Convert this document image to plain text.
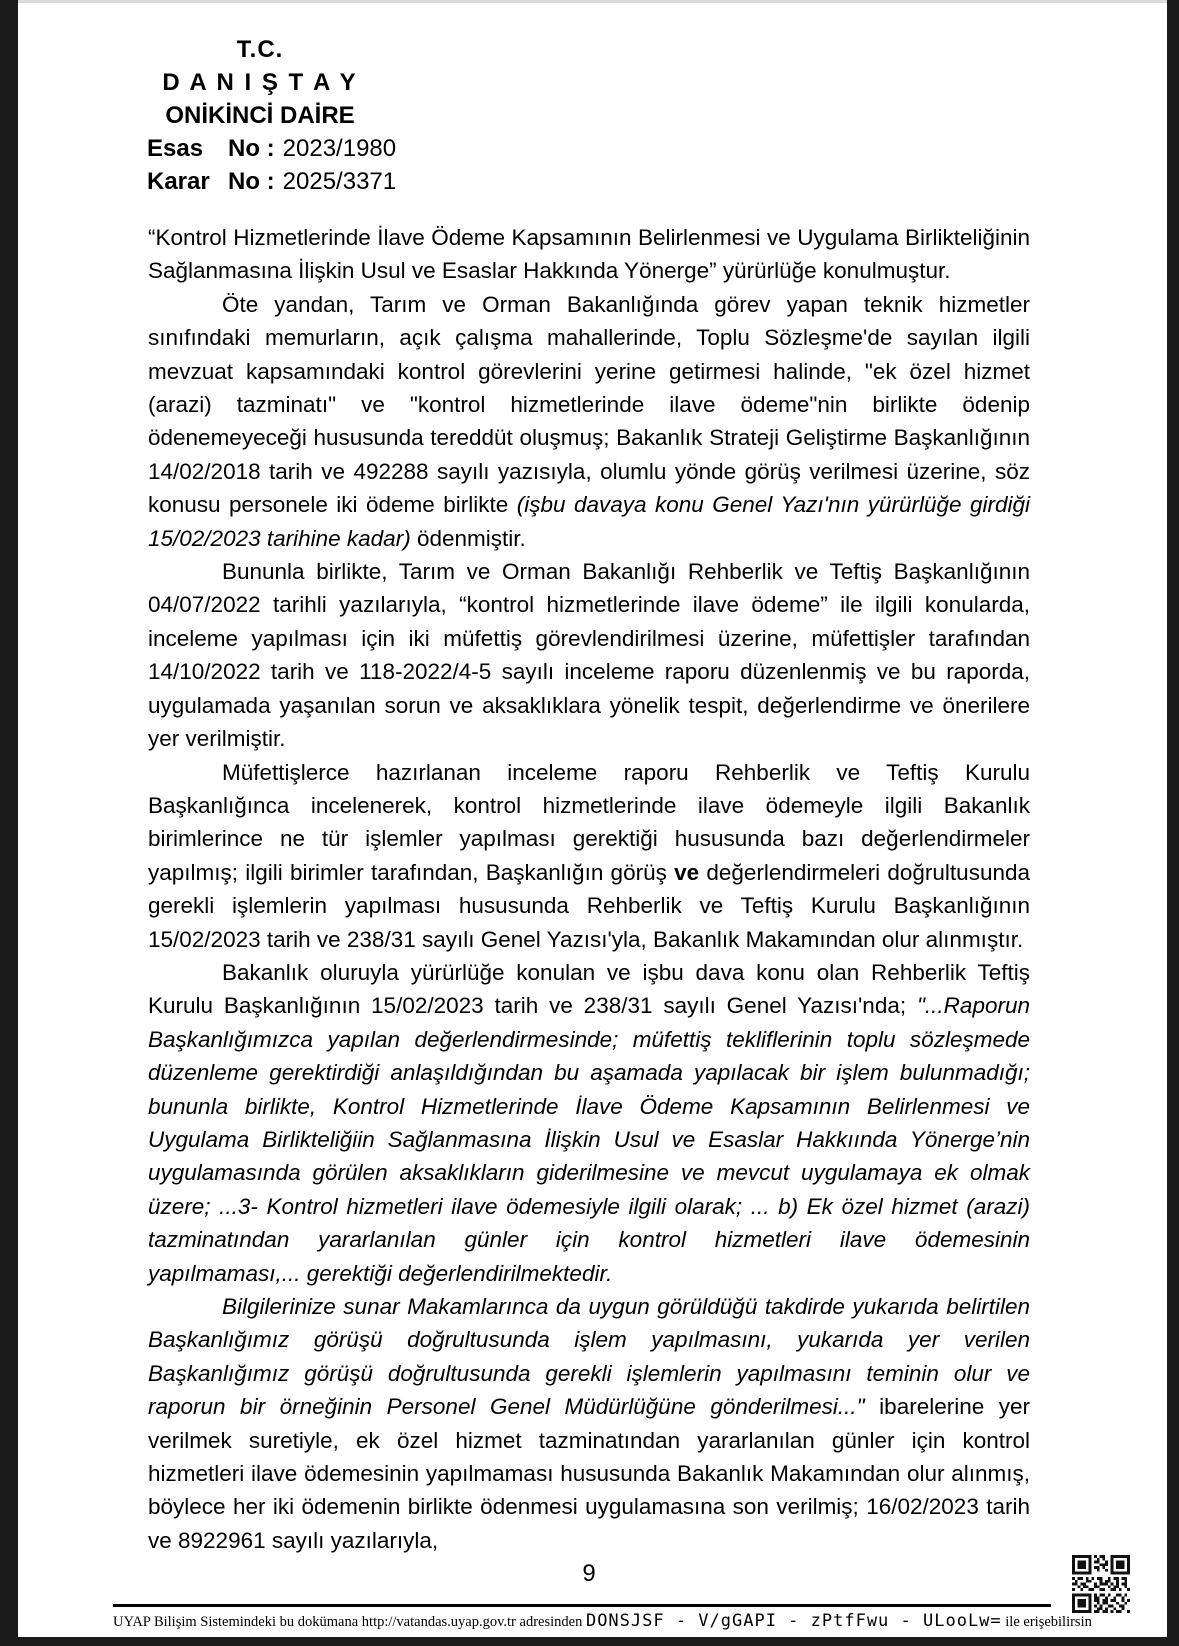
T.C.
D A N I Ş T A Y
ONİKİNCİ DAİRE
Esas No : 2023/1980
Karar No : 2025/3371

“Kontrol Hizmetlerinde İlave Ödeme Kapsamının Belirlenmesi ve Uygulama Birlikteliğinin Sağlanmasına İlişkin Usul ve Esaslar Hakkında Yönerge” yürürlüğe konulmuştur.

Öte yandan, Tarım ve Orman Bakanlığında görev yapan teknik hizmetler sınıfındaki memurların, açık çalışma mahallerinde, Toplu Sözleşme'de sayılan ilgili mevzuat kapsamındaki kontrol görevlerini yerine getirmesi halinde, "ek özel hizmet (arazi) tazminatı" ve "kontrol hizmetlerinde ilave ödeme"nin birlikte ödenip ödenemeyeceği hususunda tereddüt oluşmuş; Bakanlık Strateji Geliştirme Başkanlığının 14/02/2018 tarih ve 492288 sayılı yazısıyla, olumlu yönde görüş verilmesi üzerine, söz konusu personele iki ödeme birlikte (işbu davaya konu Genel Yazı'nın yürürlüğe girdiği 15/02/2023 tarihine kadar) ödenmiştir.

Bununla birlikte, Tarım ve Orman Bakanlığı Rehberlik ve Teftiş Başkanlığının 04/07/2022 tarihli yazılarıyla, “kontrol hizmetlerinde ilave ödeme” ile ilgili konularda, inceleme yapılması için iki müfettiş görevlendirilmesi üzerine, müfettişler tarafından 14/10/2022 tarih ve 118-2022/4-5 sayılı inceleme raporu düzenlenmiş ve bu raporda, uygulamada yaşanılan sorun ve aksaklıklara yönelik tespit, değerlendirme ve önerilere yer verilmiştir.

Müfettişlerce hazırlanan inceleme raporu Rehberlik ve Teftiş Kurulu Başkanlığınca incelenerek, kontrol hizmetlerinde ilave ödemeyle ilgili Bakanlık birimlerince ne tür işlemler yapılması gerektiği hususunda bazı değerlendirmeler yapılmış; ilgili birimler tarafından, Başkanlığın görüş ve değerlendirmeleri doğrultusunda gerekli işlemlerin yapılması hususunda Rehberlik ve Teftiş Kurulu Başkanlığının 15/02/2023 tarih ve 238/31 sayılı Genel Yazısı'yla, Bakanlık Makamından olur alınmıştır.

Bakanlık oluruyla yürürlüğe konulan ve işbu dava konu olan Rehberlik Teftiş Kurulu Başkanlığının 15/02/2023 tarih ve 238/31 sayılı Genel Yazısı'nda; "...Raporun Başkanlığımızca yapılan değerlendirmesinde; müfettiş tekliflerinin toplu sözleşmede düzenleme gerektirdiği anlaşıldığından bu aşamada yapılacak bir işlem bulunmadığı; bununla birlikte, Kontrol Hizmetlerinde İlave Ödeme Kapsamının Belirlenmesi ve Uygulama Birlikteliğiin Sağlanmasına İlişkin Usul ve Esaslar Hakkıında Yönerge’nin uygulamasında görülen aksaklıkların giderilmesine ve mevcut uygulamaya ek olmak üzere; ...3- Kontrol hizmetleri ilave ödemesiyle ilgili olarak; ... b) Ek özel hizmet (arazi) tazminatından yararlanılan günler için kontrol hizmetleri ilave ödemesinin yapılmaması,... gerektiği değerlendirilmektedir.

Bilgilerinize sunar Makamlarınca da uygun görüldüğü takdirde yukarıda belirtilen Başkanlığımız görüşü doğrultusunda işlem yapılmasını, yukarıda yer verilen Başkanlığımız görüşü doğrultusunda gerekli işlemlerin yapılmasını teminin olur ve raporun bir örneğinin Personel Genel Müdürlüğüne gönderilmesi..." ibarelerine yer verilmek suretiyle, ek özel hizmet tazminatından yararlanılan günler için kontrol hizmetleri ilave ödemesinin yapılmaması hususunda Bakanlık Makamından olur alınmış, böylece her iki ödemenin birlikte ödenmesi uygulamasına son verilmiş; 16/02/2023 tarih ve 8922961 sayılı yazılarıyla,

9
UYAP Bilişim Sistemindeki bu dokümana http://vatandas.uyap.gov.tr adresinden DONSJSF - V/gGAPI - zPtfFwu - ULooLw= ile erişebilirsin
